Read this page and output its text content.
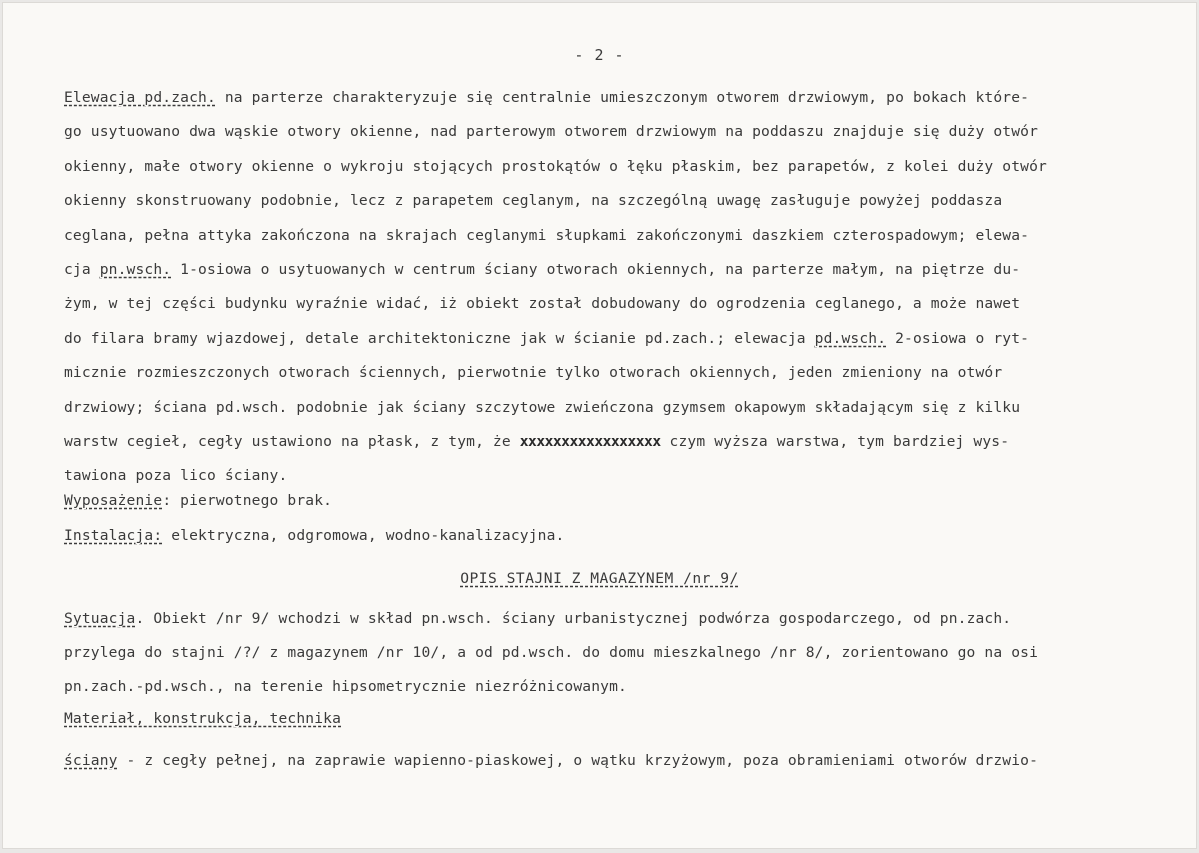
- 2 -
Elewacja pd.zach. na parterze charakteryzuje się centralnie umieszczonym otworem drzwiowym, po bokach które-
go usytuowano dwa wąskie otwory okienne, nad parterowym otworem drzwiowym na poddaszu znajduje się duży otwór
okienny, małe otwory okienne o wykroju stojących prostokątów o łęku płaskim, bez parapetów, z kolei duży otwór
okienny skonstruowany podobnie, lecz z parapetem ceglanym, na szczególną uwagę zasługuje powyżej poddasza
ceglana, pełna attyka zakończona na skrajach ceglanymi słupkami zakończonymi daszkiem czterospadowym; elewa-
cja pn.wsch. 1-osiowa o usytuowanych w centrum ściany otworach okiennych, na parterze małym, na piętrze du-
żym, w tej części budynku wyraźnie widać, iż obiekt został dobudowany do ogrodzenia ceglanego, a może nawet
do filara bramy wjazdowej, detale architektoniczne jak w ścianie pd.zach.; elewacja pd.wsch. 2-osiowa o ryt-
micznie rozmieszczonych otworach ściennych, pierwotnie tylko otworach okiennych, jeden zmieniony na otwór
drzwiowy; ściana pd.wsch. podobnie jak ściany szczytowe zwieńczona gzymsem okapowym składającym się z kilku
warstw cegieł, cegły ustawiono na płask, z tym, że xxxxxxxxxxxxxxxxx czym wyższa warstwa, tym bardziej wys-
tawiona poza lico ściany.
Wyposażenie: pierwotnego brak.
Instalacja: elektryczna, odgromowa, wodno-kanalizacyjna.
OPIS STAJNI Z MAGAZYNEM /nr 9/
Sytuacja. Obiekt /nr 9/ wchodzi w skład pn.wsch. ściany urbanistycznej podwórza gospodarczego, od pn.zach.
przylega do stajni /?/ z magazynem /nr 10/, a od pd.wsch. do domu mieszkalnego /nr 8/, zorientowano go na osi
pn.zach.-pd.wsch., na terenie hipsometrycznie niezróżnicowanym.
Materiał, konstrukcja, technika
ściany - z cegły pełnej, na zaprawie wapienno-piaskowej, o wątku krzyżowym, poza obramieniami otworów drzwio-
